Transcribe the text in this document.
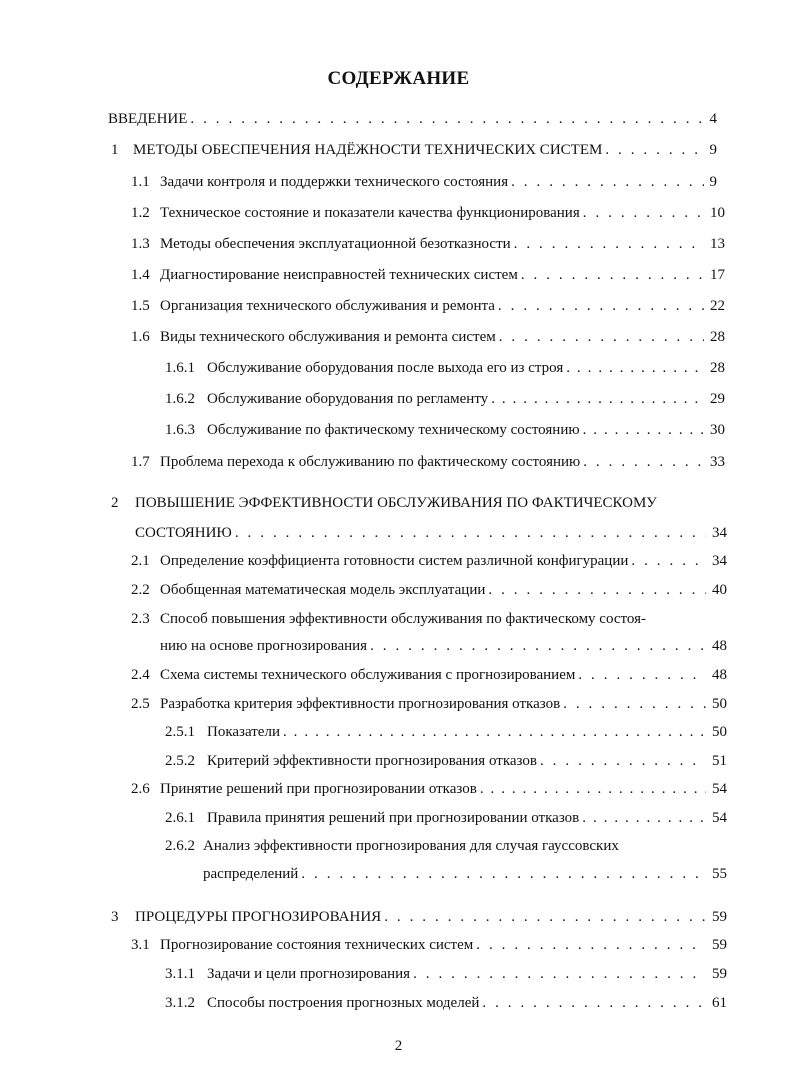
СОДЕРЖАНИЕ
ВВЕДЕНИЕ . . .	4
1 МЕТОДЫ ОБЕСПЕЧЕНИЯ НАДЁЖНОСТИ ТЕХНИЧЕСКИХ СИСТЕМ . . .	9
1.1 Задачи контроля и поддержки технического состояния . . .	9
1.2 Техническое состояние и показатели качества функционирования . . .	10
1.3 Методы обеспечения эксплуатационной безотказности . . .	13
1.4 Диагностирование неисправностей технических систем . . .	17
1.5 Организация технического обслуживания и ремонта . . .	22
1.6 Виды технического обслуживания и ремонта систем . . .	28
1.6.1 Обслуживание оборудования после выхода его из строя . . .	28
1.6.2 Обслуживание оборудования по регламенту . . .	29
1.6.3 Обслуживание по фактическому техническому состоянию . . .	30
1.7 Проблема перехода к обслуживанию по фактическому состоянию . . .	33
2 ПОВЫШЕНИЕ ЭФФЕКТИВНОСТИ ОБСЛУЖИВАНИЯ ПО ФАКТИЧЕСКОМУ
СОСТОЯНИЮ . . .	34
2.1 Определение коэффициента готовности систем различной конфигурации . . .	34
2.2 Обобщенная математическая модель эксплуатации . . .	40
2.3 Способ повышения эффективности обслуживания по фактическому состоя-
нию на основе прогнозирования . . .	48
2.4 Схема системы технического обслуживания с прогнозированием . . .	48
2.5 Разработка критерия эффективности прогнозирования отказов . . .	50
2.5.1 Показатели . . .	50
2.5.2 Критерий эффективности прогнозирования отказов . . .	51
2.6 Принятие решений при прогнозировании отказов . . .	54
2.6.1 Правила принятия решений при прогнозировании отказов . . .	54
2.6.2 Анализ эффективности прогнозирования для случая гауссовских
распределений . . .	55
3	ПРОЦЕДУРЫ ПРОГНОЗИРОВАНИЯ . . .	59
3.1 Прогнозирование состояния технических систем . . .	59
3.1.1 Задачи и цели прогнозирования . . .	59
3.1.2 Способы построения прогнозных моделей . . .	61
2
